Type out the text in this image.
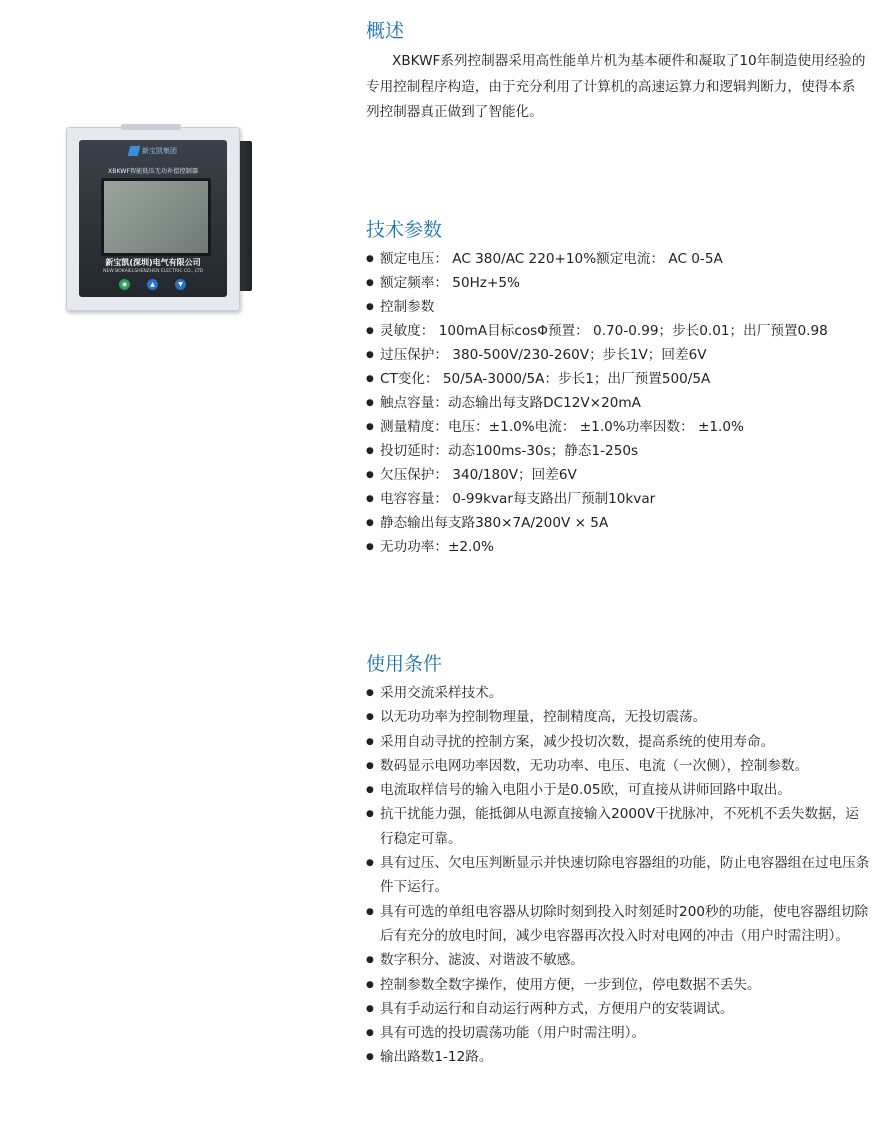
新宝凯集团
XBKWF智能低压无功补偿控制器
新宝凯(深圳)电气有限公司
NEW BOKAIELSHENZHEN ELECTRIC CO., LTD
◉	▲	▼
概述

XBKWF系列控制器采用高性能单片机为基本硬件和凝取了10年制造使用经验的专用控制程序构造，由于充分利用了计算机的高速运算力和逻辑判断力，使得本系列控制器真正做到了智能化。

技术参数
● 额定电压： AC 380/AC 220+10%额定电流： AC 0-5A
● 额定频率： 50Hz+5%
● 控制参数
● 灵敏度： 100mA目标cosΦ预置： 0.70-0.99；步长0.01；出厂预置0.98
● 过压保护： 380-500V/230-260V；步长1V；回差6V
● CT变化： 50/5A-3000/5A：步长1；出厂预置500/5A
● 触点容量：动态输出每支路DC12V×20mA
● 测量精度：电压：±1.0%电流： ±1.0%功率因数： ±1.0%
● 投切延时：动态100ms-30s；静态1-250s
● 欠压保护： 340/180V；回差6V
● 电容容量： 0-99kvar每支路出厂预制10kvar
● 静态输出每支路380×7A/200V × 5A
● 无功功率：±2.0%
使用条件
● 采用交流采样技术。
● 以无功功率为控制物理量，控制精度高，无投切震荡。
● 采用自动寻扰的控制方案，减少投切次数，提高系统的使用寿命。
● 数码显示电网功率因数，无功功率、电压、电流（一次侧），控制参数。
● 电流取样信号的输入电阻小于是0.05欧，可直接从讲师回路中取出。
● 抗干扰能力强，能抵御从电源直接输入2000V干扰脉冲，不死机不丢失数据，运行稳定可靠。
● 具有过压、欠电压判断显示并快速切除电容器组的功能，防止电容器组在过电压条件下运行。
● 具有可选的单组电容器从切除时刻到投入时刻延时200秒的功能，使电容器组切除后有充分的放电时间，减少电容器再次投入时对电网的冲击（用户时需注明）。
● 数字积分、滤波、对谐波不敏感。
● 控制参数全数字操作，使用方便，一步到位，停电数据不丢失。
● 具有手动运行和自动运行两种方式，方便用户的安装调试。
● 具有可选的投切震荡功能（用户时需注明）。
● 输出路数1-12路。
